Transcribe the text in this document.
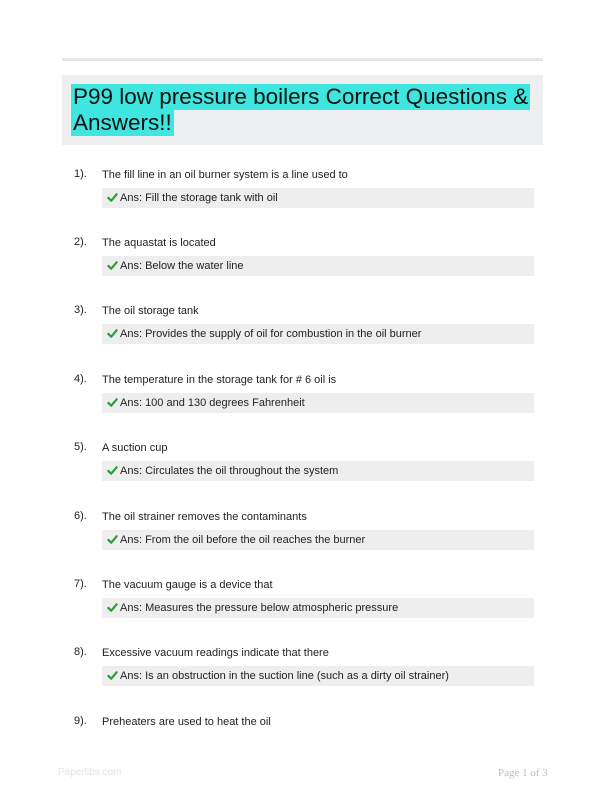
P99 low pressure boilers Correct Questions & Answers!!
1). The fill line in an oil burner system is a line used to
Ans: Fill the storage tank with oil
2). The aquastat is located
Ans: Below the water line
3). The oil storage tank
Ans: Provides the supply of oil for combustion in the oil burner
4). The temperature in the storage tank for # 6 oil is
Ans: 100 and 130 degrees Fahrenheit
5). A suction cup
Ans: Circulates the oil throughout the system
6). The oil strainer removes the contaminants
Ans: From the oil before the oil reaches the burner
7). The vacuum gauge is a device that
Ans: Measures the pressure below atmospheric pressure
8). Excessive vacuum readings indicate that there
Ans: Is an obstruction in the suction line (such as a dirty oil strainer)
9). Preheaters are used to heat the oil
Paperlibs.com	Page 1 of 3
